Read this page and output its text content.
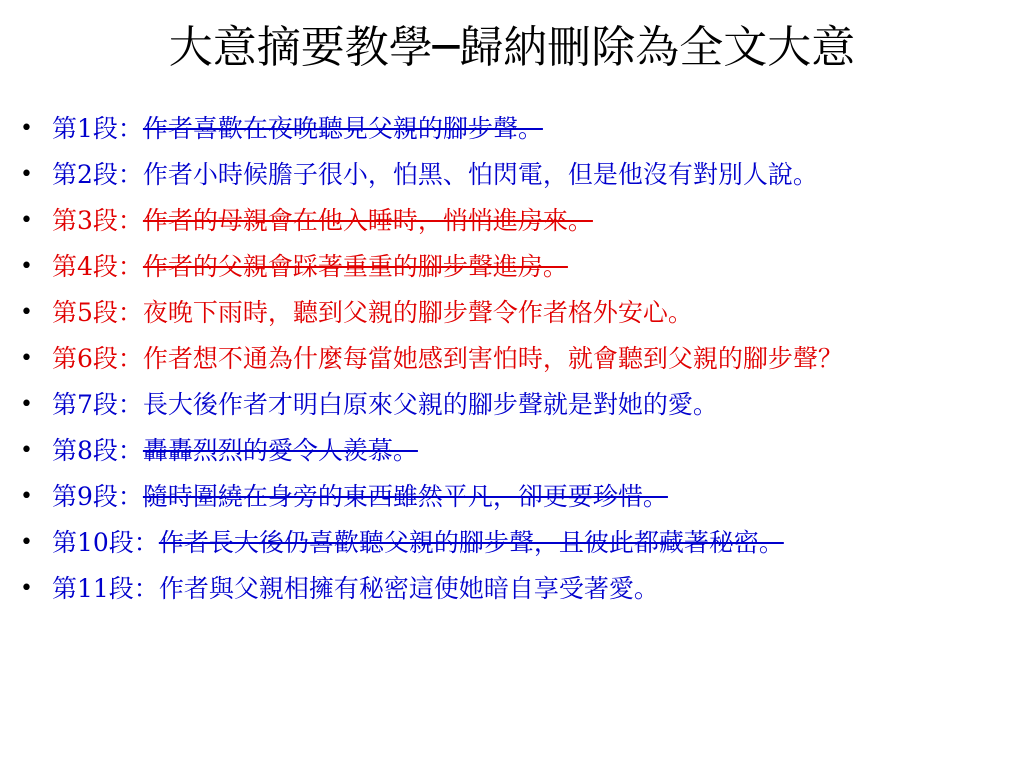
大意摘要教學─歸納刪除為全文大意
• 第1段：作者喜歡在夜晚聽見父親的腳步聲。
• 第2段：作者小時候膽子很小，怕黑、怕閃電，但是他沒有對別人說。
• 第3段：作者的母親會在他入睡時，悄悄進房來。
• 第4段：作者的父親會踩著重重的腳步聲進房。
• 第5段：夜晚下雨時，聽到父親的腳步聲令作者格外安心。
• 第6段：作者想不通為什麼每當她感到害怕時，就會聽到父親的腳步聲？
• 第7段：長大後作者才明白原來父親的腳步聲就是對她的愛。
• 第8段：轟轟烈烈的愛令人羨慕。
• 第9段：隨時圍繞在身旁的東西雖然平凡，卻更要珍惜。
• 第10段：作者長大後仍喜歡聽父親的腳步聲，且彼此都藏著秘密。
• 第11段：作者與父親相擁有秘密這使她暗自享受著愛。
